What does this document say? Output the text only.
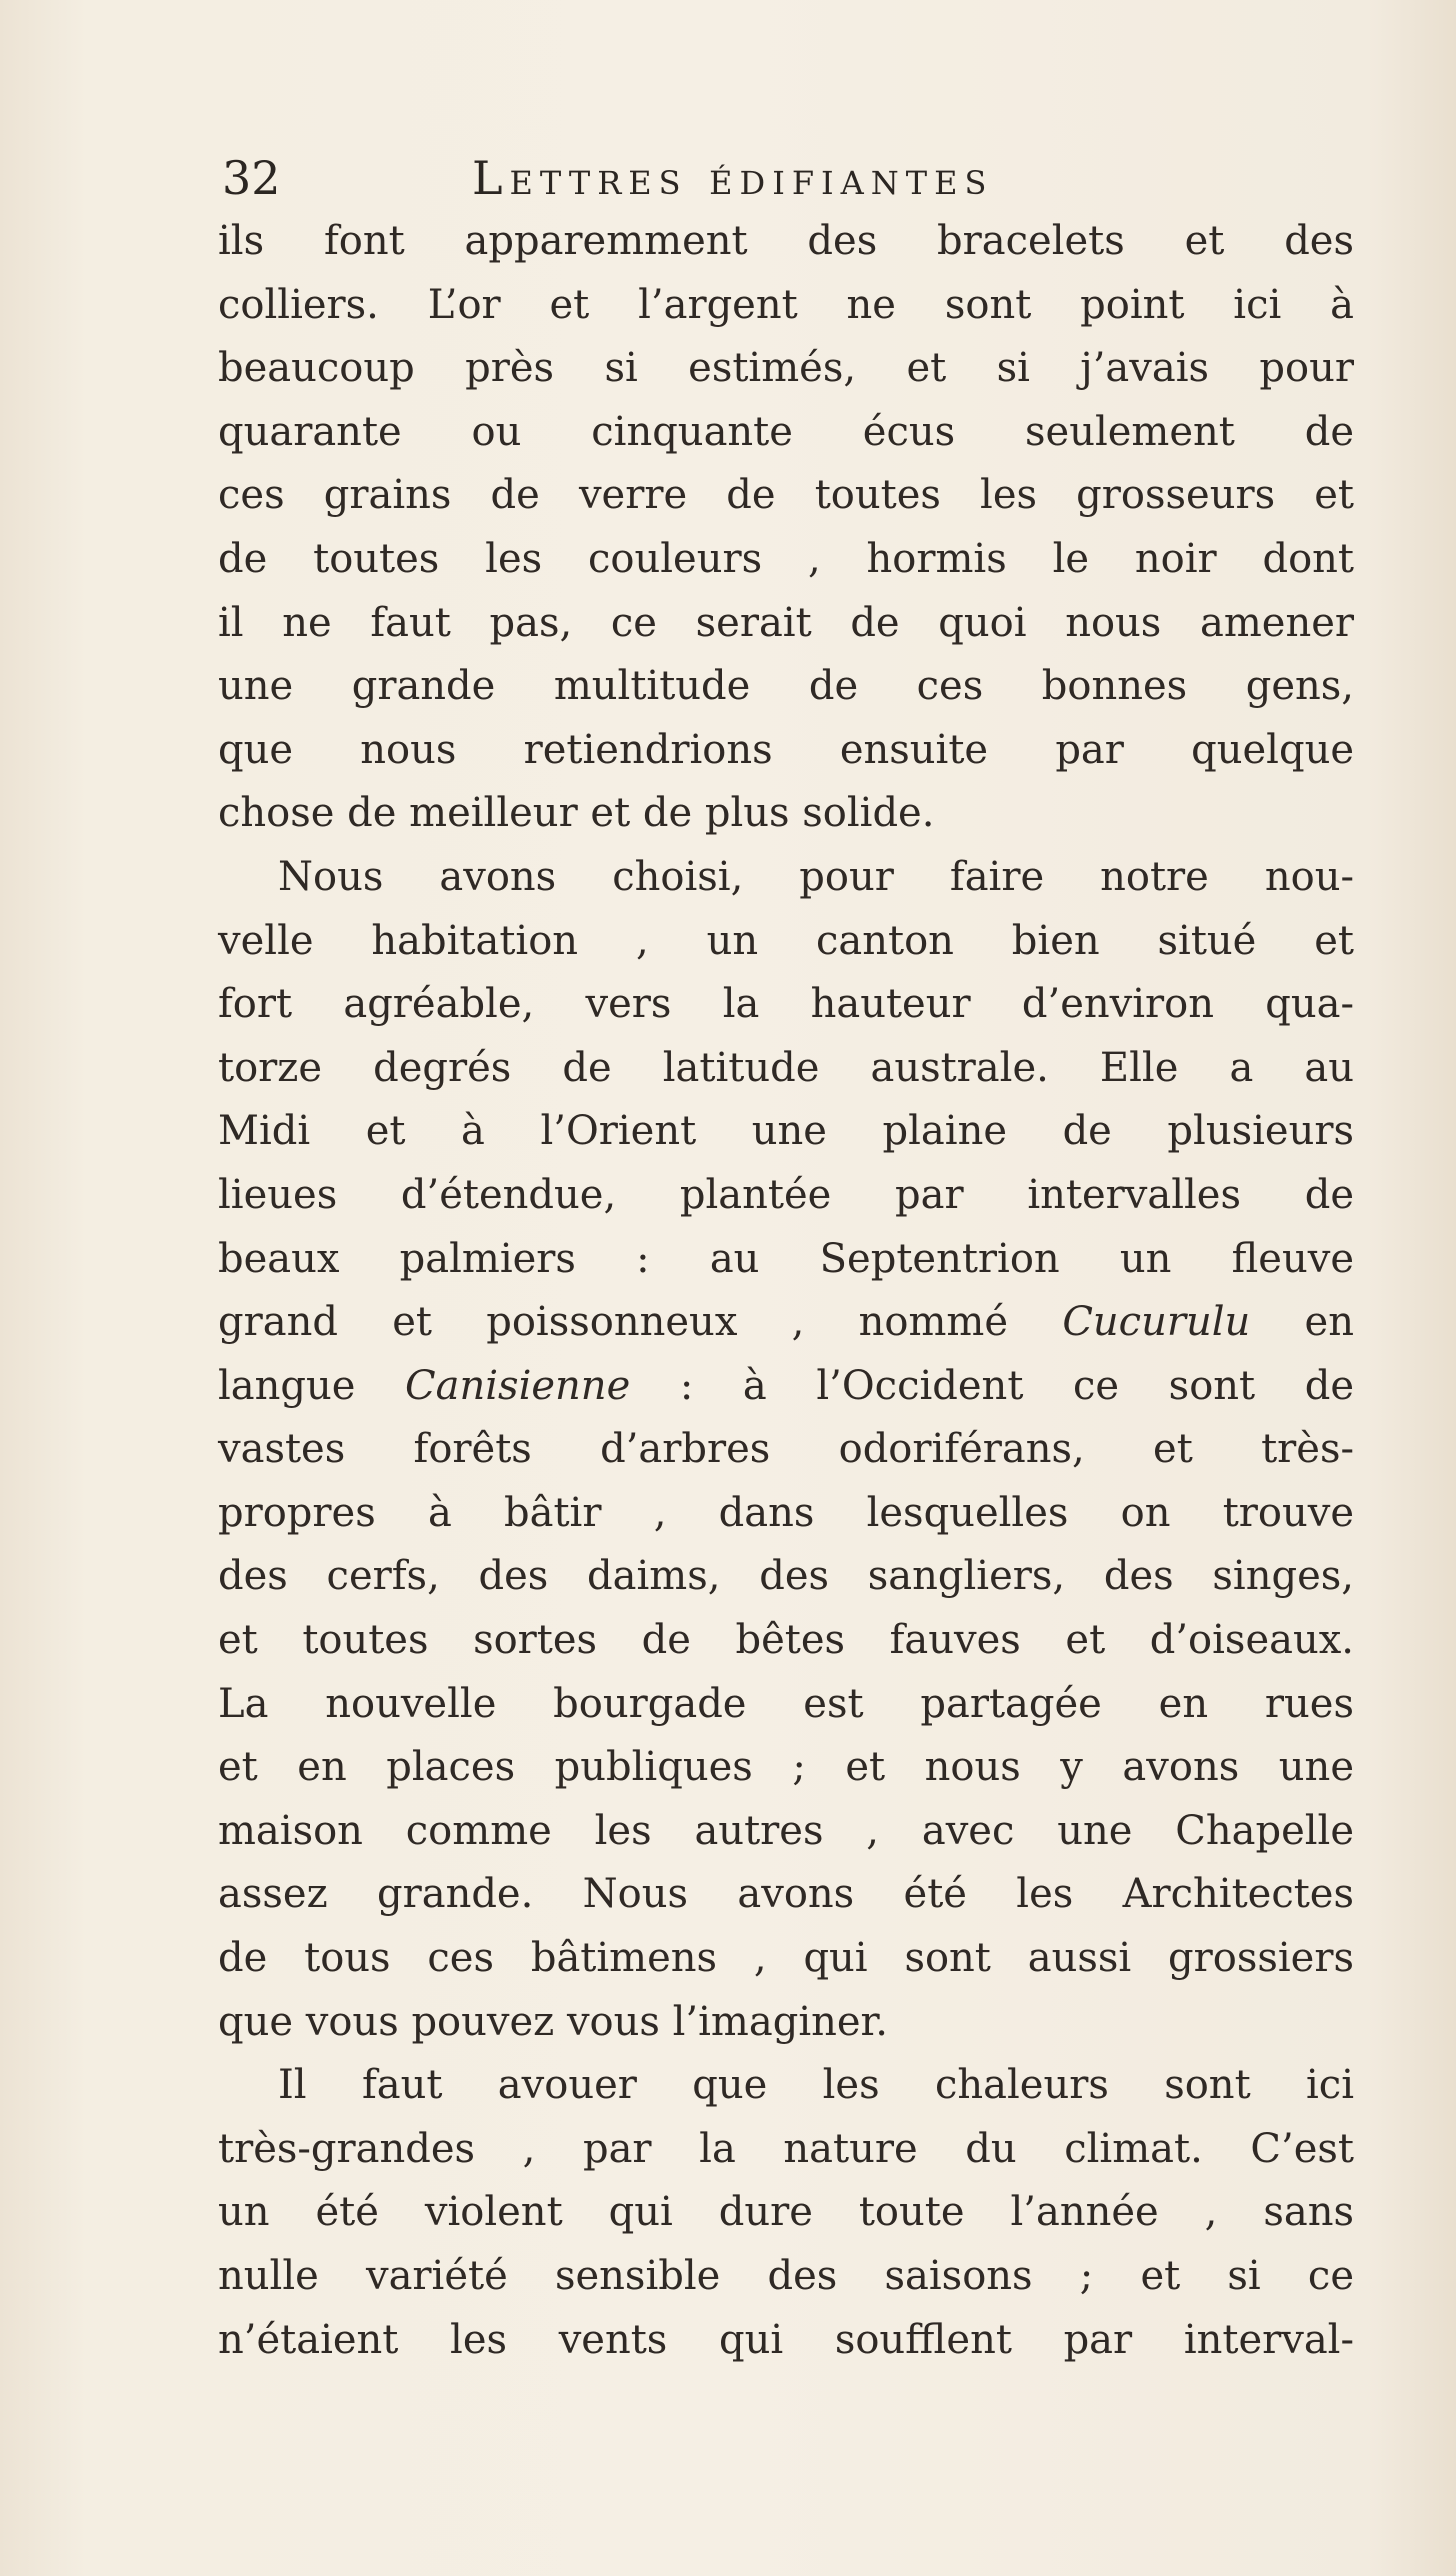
32	Lettres édifiantes
ils font apparemment des bracelets et des
colliers. L’or et l’argent ne sont point ici à
beaucoup près si estimés, et si j’avais pour
quarante ou cinquante écus seulement de
ces grains de verre de toutes les grosseurs et
de toutes les couleurs , hormis le noir dont
il ne faut pas, ce serait de quoi nous amener
une grande multitude de ces bonnes gens,
que nous retiendrions ensuite par quelque
chose de meilleur et de plus solide.
Nous avons choisi, pour faire notre nou-
velle habitation , un canton bien situé et
fort agréable, vers la hauteur d’environ qua-
torze degrés de latitude australe. Elle a au
Midi et à l’Orient une plaine de plusieurs
lieues d’étendue, plantée par intervalles de
beaux palmiers : au Septentrion un fleuve
grand et poissonneux , nommé Cucurulu en
langue Canisienne : à l’Occident ce sont de
vastes forêts d’arbres odoriférans, et très-
propres à bâtir , dans lesquelles on trouve
des cerfs, des daims, des sangliers, des singes,
et toutes sortes de bêtes fauves et d’oiseaux.
La nouvelle bourgade est partagée en rues
et en places publiques ; et nous y avons une
maison comme les autres , avec une Chapelle
assez grande. Nous avons été les Architectes
de tous ces bâtimens , qui sont aussi grossiers
que vous pouvez vous l’imaginer.
Il faut avouer que les chaleurs sont ici
très-grandes , par la nature du climat. C’est
un été violent qui dure toute l’année , sans
nulle variété sensible des saisons ; et si ce
n’étaient les vents qui soufflent par interval-
